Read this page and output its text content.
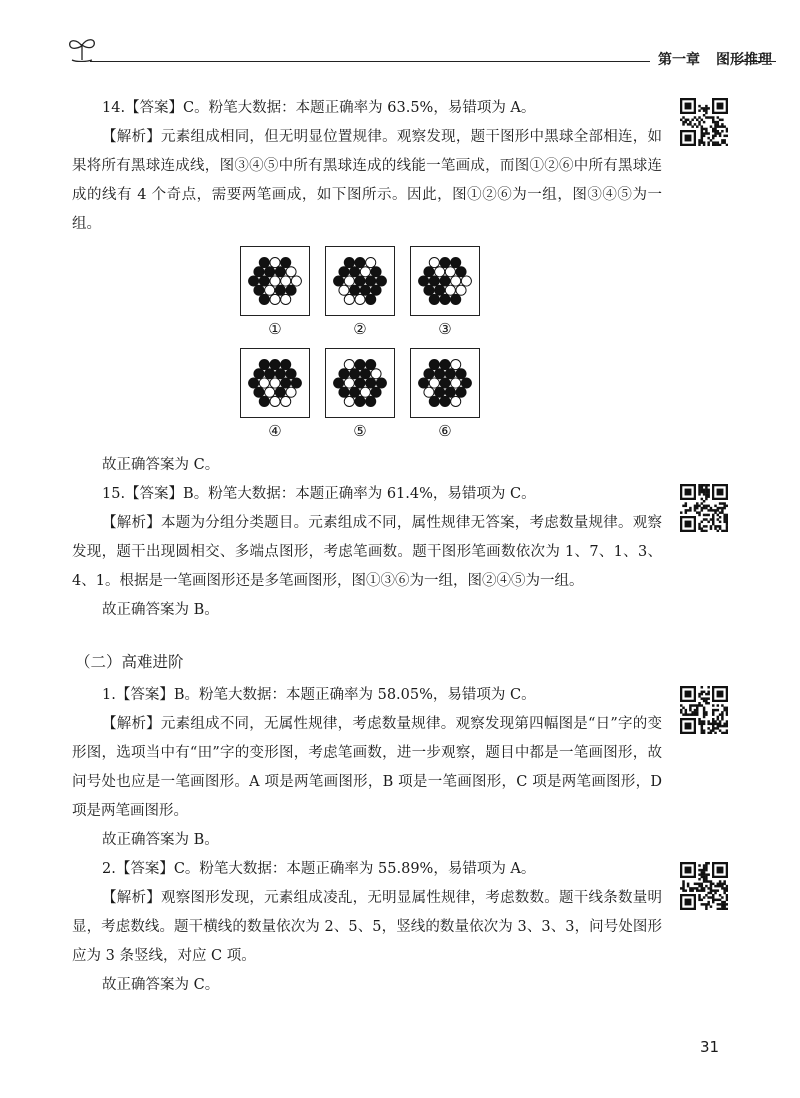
第一章 图形推理
14.【答案】C。粉笔大数据：本题正确率为 63.5%，易错项为 A。
【解析】元素组成相同，但无明显位置规律。观察发现，题干图形中黑球全部相连，如果将所有黑球连成线，图③④⑤中所有黑球连成的线能一笔画成，而图①②⑥中所有黑球连成的线有 4 个奇点，需要两笔画成，如下图所示。因此，图①②⑥为一组，图③④⑤为一组。
①	②	③
④	⑤	⑥
故正确答案为 C。
15.【答案】B。粉笔大数据：本题正确率为 61.4%，易错项为 C。
【解析】本题为分组分类题目。元素组成不同，属性规律无答案，考虑数量规律。观察发现，题干出现圆相交、多端点图形，考虑笔画数。题干图形笔画数依次为 1、7、1、3、4、1。根据是一笔画图形还是多笔画图形，图①③⑥为一组，图②④⑤为一组。
故正确答案为 B。
（二）高难进阶
1.【答案】B。粉笔大数据：本题正确率为 58.05%，易错项为 C。
【解析】元素组成不同，无属性规律，考虑数量规律。观察发现第四幅图是“日”字的变形图，选项当中有“田”字的变形图，考虑笔画数，进一步观察，题目中都是一笔画图形，故问号处也应是一笔画图形。A 项是两笔画图形，B 项是一笔画图形，C 项是两笔画图形，D 项是两笔画图形。
故正确答案为 B。
2.【答案】C。粉笔大数据：本题正确率为 55.89%，易错项为 A。
【解析】观察图形发现，元素组成凌乱，无明显属性规律，考虑数数。题干线条数量明显，考虑数线。题干横线的数量依次为 2、5、5，竖线的数量依次为 3、3、3，问号处图形应为 3 条竖线，对应 C 项。
故正确答案为 C。
31
